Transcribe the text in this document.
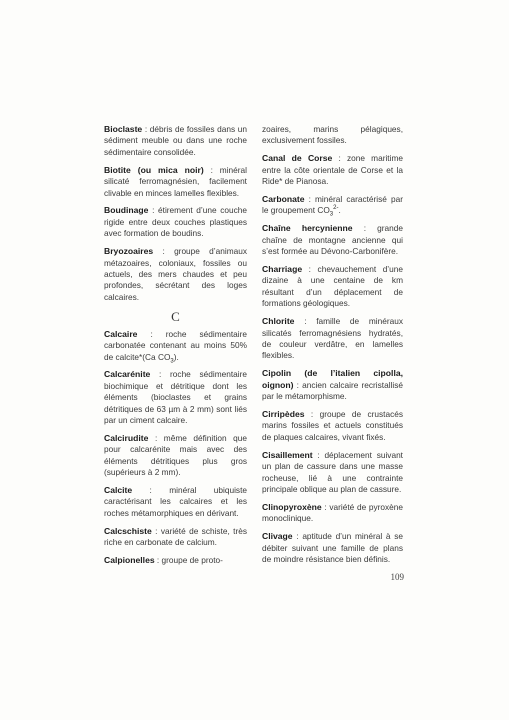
Bioclaste : débris de fossiles dans un sédiment meuble ou dans une roche sédimentaire consolidée.

Biotite (ou mica noir) : minéral silicaté ferromagnésien, facilement clivable en minces lamelles flexibles.

Boudinage : étirement d’une couche rigide entre deux couches plastiques avec formation de boudins.

Bryozoaires : groupe d’animaux métazoaires, coloniaux, fossiles ou actuels, des mers chaudes et peu profondes, sécrétant des loges calcaires.

C

Calcaire : roche sédimentaire carbonatée contenant au moins 50% de calcite*(Ca $CO_3$).

Calcarénite : roche sédimentaire biochimique et détritique dont les éléments (bioclastes et grains détritiques de 63 µm à 2 mm) sont liés par un ciment calcaire.

Calcirudite : même définition que pour calcarénite mais avec des éléments détritiques plus gros (supérieurs à 2 mm).

Calcite : minéral ubiquiste caractérisant les calcaires et les roches métamorphiques en dérivant.

Calcschiste : variété de schiste, très riche en carbonate de calcium.

Calpionelles : groupe de proto-

zoaires, marins pélagiques, exclusivement fossiles.

Canal de Corse : zone maritime entre la côte orientale de Corse et la Ride* de Pianosa.

Carbonate : minéral caractérisé par le groupement $CO_3^{2-}$.

Chaîne hercynienne : grande chaîne de montagne ancienne qui s’est formée au Dévono-Carbonifère.

Charriage : chevauchement d’une dizaine à une centaine de km résultant d’un déplacement de formations géologiques.

Chlorite : famille de minéraux silicatés ferromagnésiens hydratés, de couleur verdâtre, en lamelles flexibles.

Cipolin (de l’italien cipolla, oignon) : ancien calcaire recristallisé par le métamorphisme.

Cirripèdes : groupe de crustacés marins fossiles et actuels constitués de plaques calcaires, vivant fixés.

Cisaillement : déplacement suivant un plan de cassure dans une masse rocheuse, lié à une contrainte principale oblique au plan de cassure.

Clinopyroxène : variété de pyroxène monoclinique.

Clivage : aptitude d’un minéral à se débiter suivant une famille de plans de moindre résistance bien définis.

109
